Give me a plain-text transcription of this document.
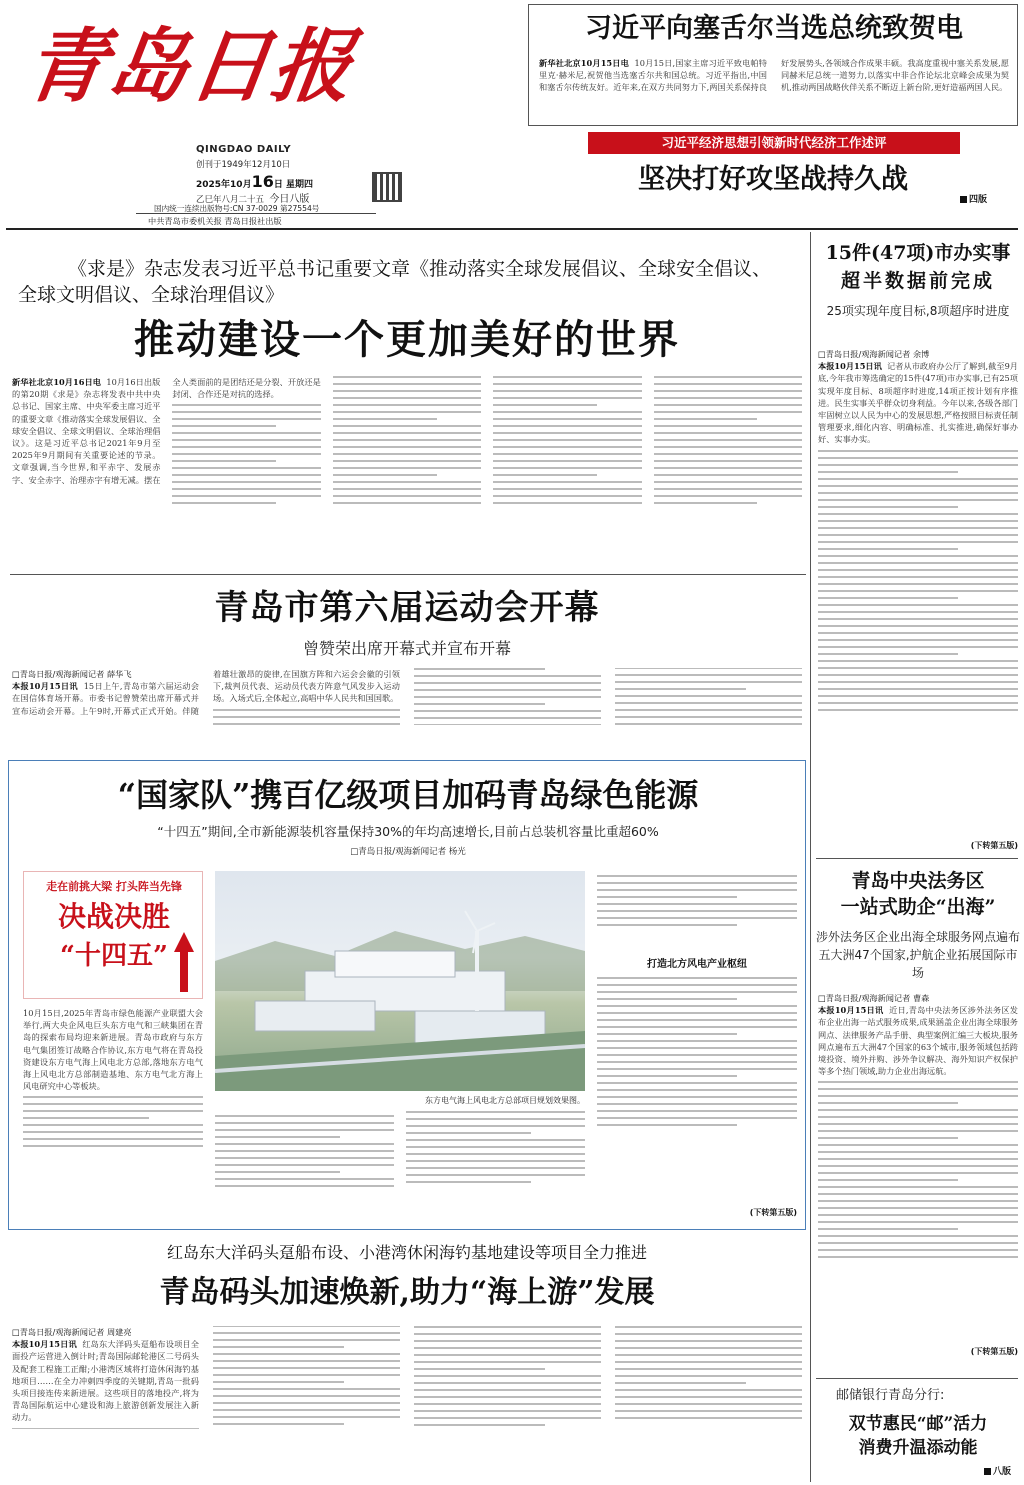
青岛日报
QINGDAO DAILY
创刊于1949年12月10日
2025年10月16日 星期四
乙巳年八月二十五 今日八版
国内统一连续出版物号:CN 37-0029 第27554号
中共青岛市委机关报 青岛日报社出版
习近平向塞舌尔当选总统致贺电
新华社北京10月15日电 10月15日,国家主席习近平致电帕特里克·赫米尼,祝贺他当选塞舌尔共和国总统。习近平指出,中国和塞舌尔传统友好。近年来,在双方共同努力下,两国关系保持良好发展势头,各领域合作成果丰硕。我高度重视中塞关系发展,愿同赫米尼总统一道努力,以落实中非合作论坛北京峰会成果为契机,推动两国战略伙伴关系不断迈上新台阶,更好造福两国人民。
习近平经济思想引领新时代经济工作述评
坚决打好攻坚战持久战
四版
《求是》杂志发表习近平总书记重要文章《推动落实全球发展倡议、全球安全倡议、全球文明倡议、全球治理倡议》
推动建设一个更加美好的世界
新华社北京10月16日电 10月16日出版的第20期《求是》杂志将发表中共中央总书记、国家主席、中央军委主席习近平的重要文章《推动落实全球发展倡议、全球安全倡议、全球文明倡议、全球治理倡议》。这是习近平总书记2021年9月至2025年9月期间有关重要论述的节录。文章强调,当今世界,和平赤字、发展赤字、安全赤字、治理赤字有增无减。摆在全人类面前的是团结还是分裂、开放还是封闭、合作还是对抗的选择。
青岛市第六届运动会开幕
曾赞荣出席开幕式并宣布开幕
□青岛日报/观海新闻记者 薛华飞
本报10月15日讯 15日上午,青岛市第六届运动会在国信体育场开幕。市委书记曾赞荣出席开幕式并宣布运动会开幕。上午9时,开幕式正式开始。伴随着雄壮激昂的旋律,在国旗方阵和六运会会徽的引领下,裁判员代表、运动员代表方阵意气风发步入运动场。入场式后,全体起立,高唱中华人民共和国国歌。
“国家队”携百亿级项目加码青岛绿色能源
“十四五”期间,全市新能源装机容量保持30%的年均高速增长,目前占总装机容量比重超60%
□青岛日报/观海新闻记者 杨光
走在前挑大梁 打头阵当先锋
决战决胜
“十四五”
10月15日,2025年青岛市绿色能源产业联盟大会举行,两大央企风电巨头东方电气和三峡集团在青岛的探索布局均迎来新进展。青岛市政府与东方电气集团签订战略合作协议,东方电气将在青岛投资建设东方电气海上风电北方总部,落地东方电气海上风电北方总部制造基地、东方电气北方海上风电研究中心等板块。
东方电气海上风电北方总部项目规划效果图。
打造北方风电产业枢纽
(下转第五版)
红岛东大洋码头趸船布设、小港湾休闲海钓基地建设等项目全力推进
青岛码头加速焕新,助力“海上游”发展
□青岛日报/观海新闻记者 周建亮
本报10月15日讯 红岛东大洋码头趸船布设项目全面投产运营进入倒计时;青岛国际邮轮港区二号码头及配套工程施工正酣;小港湾区域将打造休闲海钓基地项目……在全力冲刺四季度的关键期,青岛一批码头项目接连传来新进展。这些项目的落地投产,将为青岛国际航运中心建设和海上旅游创新发展注入新动力。
15件(47项)市办实事
超半数据前完成
25项实现年度目标,8项超序时进度
□青岛日报/观海新闻记者 余博
本报10月15日讯 记者从市政府办公厅了解到,截至9月底,今年我市筹选确定的15件(47项)市办实事,已有25项实现年度目标、8项超序时进度,14项正按计划有序推进。民生实事关乎群众切身利益。今年以来,各级各部门牢固树立以人民为中心的发展思想,严格按照目标责任制管理要求,细化内容、明确标准、扎实推进,确保好事办好、实事办实。
(下转第五版)
青岛中央法务区
一站式助企“出海”
涉外法务区企业出海全球服务网点遍布五大洲47个国家,护航企业拓展国际市场
□青岛日报/观海新闻记者 曹森
本报10月15日讯 近日,青岛中央法务区涉外法务区发布企业出海一站式服务成果,成果涵盖企业出海全球服务网点、法律服务产品手册、典型案例汇编三大板块,服务网点遍布五大洲47个国家的63个城市,服务领域包括跨境投资、境外并购、涉外争议解决、海外知识产权保护等多个热门领域,助力企业出海远航。
(下转第五版)
邮储银行青岛分行:
双节惠民“邮”活力
消费升温添动能
八版
